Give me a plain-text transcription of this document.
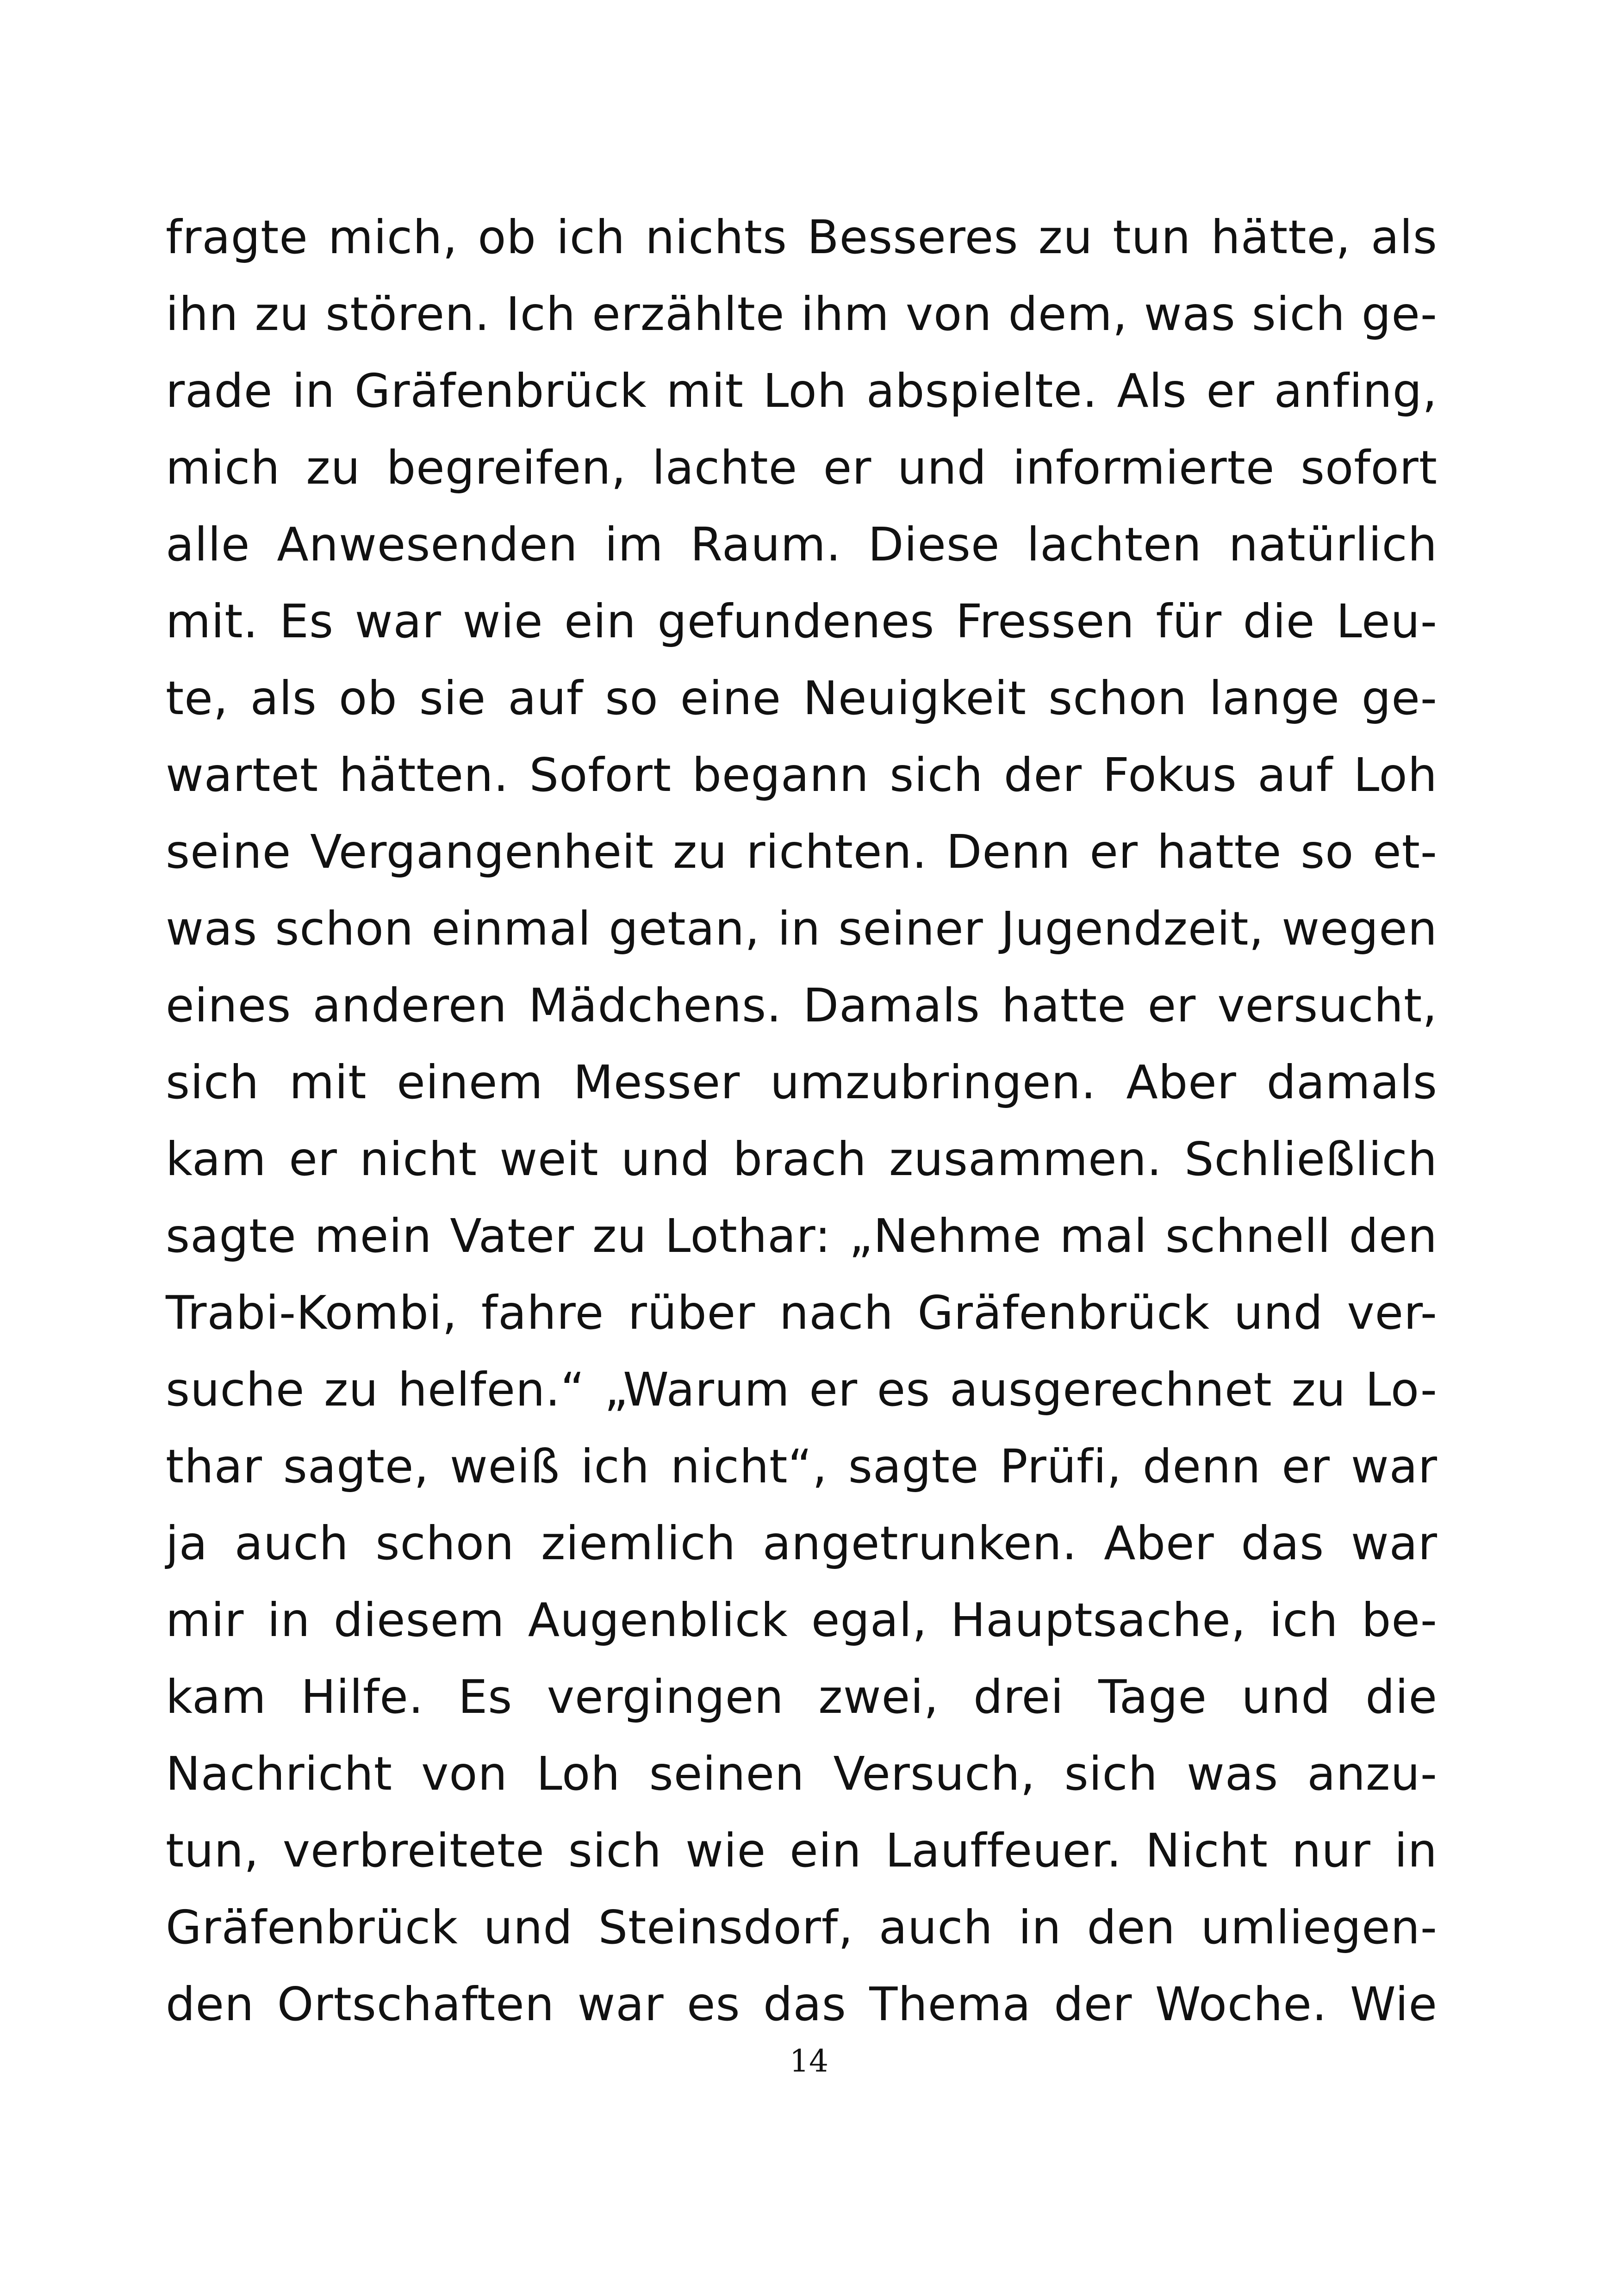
fragte mich, ob ich nichts Besseres zu tun hätte, als
ihn zu stören. Ich erzählte ihm von dem, was sich ge-
rade in Gräfenbrück mit Loh abspielte. Als er anfing,
mich zu begreifen, lachte er und informierte sofort
alle Anwesenden im Raum. Diese lachten natürlich
mit. Es war wie ein gefundenes Fressen für die Leu-
te, als ob sie auf so eine Neuigkeit schon lange ge-
wartet hätten. Sofort begann sich der Fokus auf Loh
seine Vergangenheit zu richten. Denn er hatte so et-
was schon einmal getan, in seiner Jugendzeit, wegen
eines anderen Mädchens. Damals hatte er versucht,
sich mit einem Messer umzubringen. Aber damals
kam er nicht weit und brach zusammen. Schließlich
sagte mein Vater zu Lothar: „Nehme mal schnell den
Trabi-Kombi, fahre rüber nach Gräfenbrück und ver-
suche zu helfen.“ „Warum er es ausgerechnet zu Lo-
thar sagte, weiß ich nicht“, sagte Prüfi, denn er war
ja auch schon ziemlich angetrunken. Aber das war
mir in diesem Augenblick egal, Hauptsache, ich be-
kam Hilfe. Es vergingen zwei, drei Tage und die
Nachricht von Loh seinen Versuch, sich was anzu-
tun, verbreitete sich wie ein Lauffeuer. Nicht nur in
Gräfenbrück und Steinsdorf, auch in den umliegen-
den Ortschaften war es das Thema der Woche. Wie
14
